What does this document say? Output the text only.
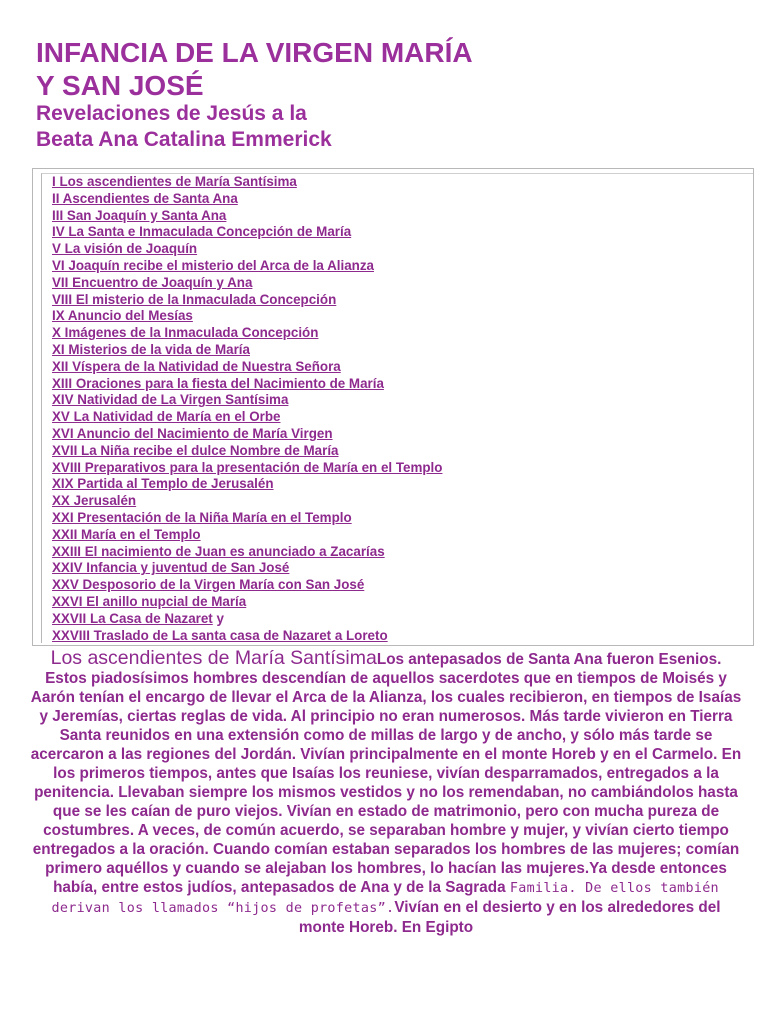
INFANCIA DE LA VIRGEN MARÍA
Y SAN JOSÉ
Revelaciones de Jesús a la
Beata Ana Catalina Emmerick
I Los ascendientes de María Santísima
II Ascendientes de Santa Ana
III San Joaquín y Santa Ana
IV La Santa e Inmaculada Concepción de María
V La visión de Joaquín
VI Joaquín recibe el misterio del Arca de la Alianza
VII Encuentro de Joaquín y Ana
VIII El misterio de la Inmaculada Concepción
IX Anuncio del Mesías
X Imágenes de la Inmaculada Concepción
XI Misterios de la vida de María
XII Víspera de la Natividad de Nuestra Señora
XIII Oraciones para la fiesta del Nacimiento de María
XIV Natividad de La Virgen Santísima
XV La Natividad de María en el Orbe
XVI Anuncio del Nacimiento de María Virgen
XVII La Niña recibe el dulce Nombre de María
XVIII Preparativos para la presentación de María en el Templo
XIX Partida al Templo de Jerusalén
XX Jerusalén
XXI Presentación de la Niña María en el Templo
XXII María en el Templo
XXIII El nacimiento de Juan es anunciado a Zacarías
XXIV Infancia y juventud de San José
XXV Desposorio de la Virgen María con San José
XXVI El anillo nupcial de María
XXVII La Casa de Nazaret y
XXVIII Traslado de La santa casa de Nazaret a Loreto
Los ascendientes de María SantísimaLos antepasados de Santa Ana fueron Esenios. Estos piadosísimos hombres descendían de aquellos sacerdotes que en tiempos de Moisés y Aarón tenían el encargo de llevar el Arca de la Alianza, los cuales recibieron, en tiempos de Isaías y Jeremías, ciertas reglas de vida. Al principio no eran numerosos. Más tarde vivieron en Tierra Santa reunidos en una extensión como de millas de largo y de ancho, y sólo más tarde se acercaron a las regiones del Jordán. Vivían principalmente en el monte Horeb y en el Carmelo. En los primeros tiempos, antes que Isaías los reuniese, vivían desparramados, entregados a la penitencia. Llevaban siempre los mismos vestidos y no los remendaban, no cambiándolos hasta que se les caían de puro viejos. Vivían en estado de matrimonio, pero con mucha pureza de costumbres. A veces, de común acuerdo, se separaban hombre y mujer, y vivían cierto tiempo entregados a la oración. Cuando comían estaban separados los hombres de las mujeres; comían primero aquéllos y cuando se alejaban los hombres, lo hacían las mujeres.Ya desde entonces había, entre estos judíos, antepasados de Ana y de la Sagrada Familia. De ellos también derivan los llamados “hijos de profetas”.Vivían en el desierto y en los alrededores del monte Horeb. En Egipto
